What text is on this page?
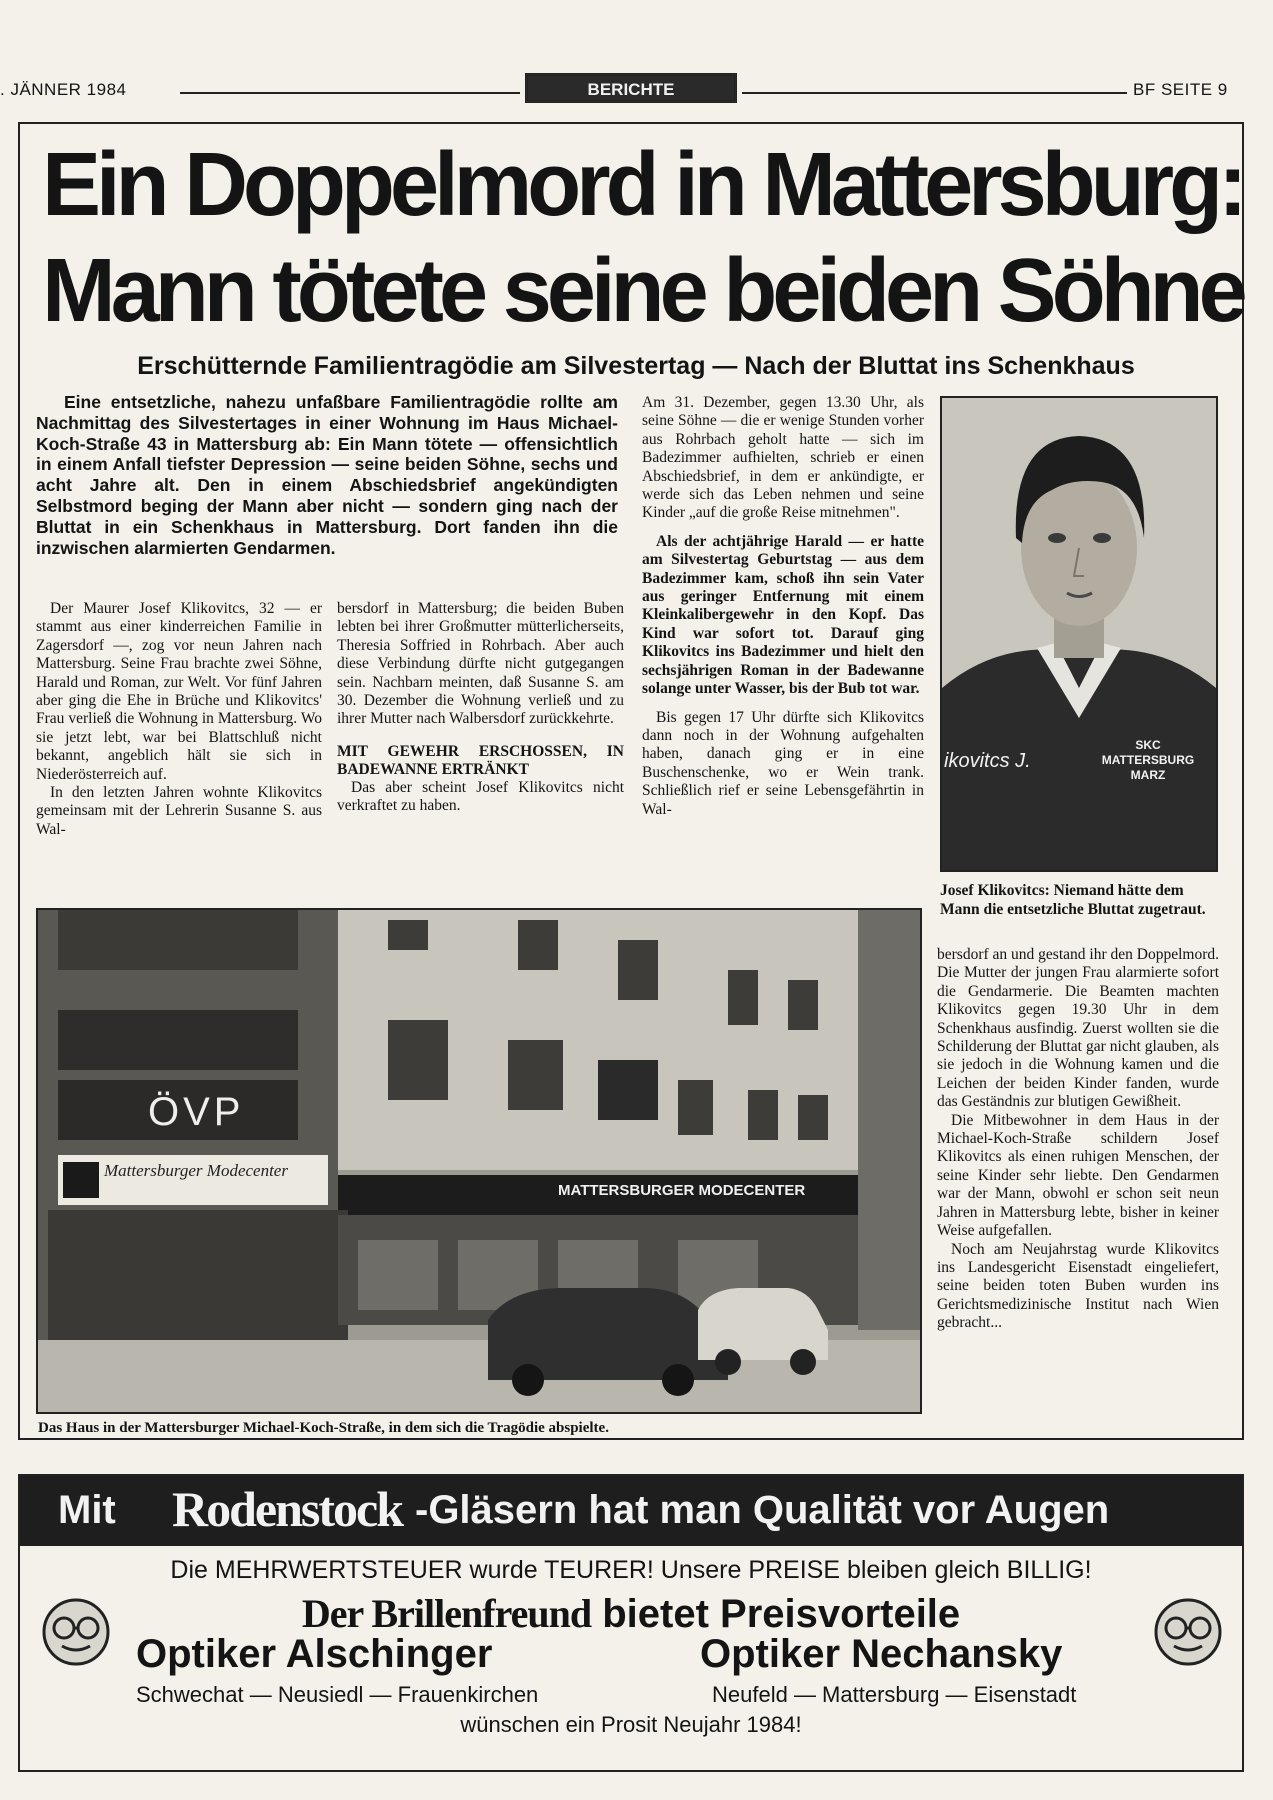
. JÄNNER 1984	BERICHTE	BF SEITE 9
Ein Doppelmord in Mattersburg:
Mann tötete seine beiden Söhne
Erschütternde Familientragödie am Silvestertag — Nach der Bluttat ins Schenkhaus

Eine entsetzliche, nahezu unfaßbare Familientragödie rollte am Nachmittag des Silvestertages in einer Wohnung im Haus Michael-Koch-Straße 43 in Mattersburg ab: Ein Mann tötete — offensichtlich in einem Anfall tiefster Depression — seine beiden Söhne, sechs und acht Jahre alt. Den in einem Abschiedsbrief angekündigten Selbstmord beging der Mann aber nicht — sondern ging nach der Bluttat in ein Schenkhaus in Mattersburg. Dort fanden ihn die inzwischen alarmierten Gendarmen.

Der Maurer Josef Klikovitcs, 32 — er stammt aus einer kinderreichen Familie in Zagersdorf —, zog vor neun Jahren nach Mattersburg. Seine Frau brachte zwei Söhne, Harald und Roman, zur Welt. Vor fünf Jahren aber ging die Ehe in Brüche und Klikovitcs' Frau verließ die Wohnung in Mattersburg. Wo sie jetzt lebt, war bei Blattschluß nicht bekannt, angeblich hält sie sich in Niederösterreich auf.

In den letzten Jahren wohnte Klikovitcs gemeinsam mit der Lehrerin Susanne S. aus Wal-

bersdorf in Mattersburg; die beiden Buben lebten bei ihrer Großmutter mütterlicherseits, Theresia Soffried in Rohrbach. Aber auch diese Verbindung dürfte nicht gutgegangen sein. Nachbarn meinten, daß Susanne S. am 30. Dezember die Wohnung verließ und zu ihrer Mutter nach Walbersdorf zurückkehrte.

MIT GEWEHR ERSCHOSSEN, IN BADEWANNE ERTRÄNKT

Das aber scheint Josef Klikovitcs nicht verkraftet zu haben.

Am 31. Dezember, gegen 13.30 Uhr, als seine Söhne — die er wenige Stunden vorher aus Rohrbach geholt hatte — sich im Badezimmer aufhielten, schrieb er einen Abschiedsbrief, in dem er ankündigte, er werde sich das Leben nehmen und seine Kinder „auf die große Reise mitnehmen".

Als der achtjährige Harald — er hatte am Silvestertag Geburtstag — aus dem Badezimmer kam, schoß ihn sein Vater aus geringer Entfernung mit einem Kleinkalibergewehr in den Kopf. Das Kind war sofort tot. Darauf ging Klikovitcs ins Badezimmer und hielt den sechsjährigen Roman in der Badewanne solange unter Wasser, bis der Bub tot war.

Bis gegen 17 Uhr dürfte sich Klikovitcs dann noch in der Wohnung aufgehalten haben, danach ging er in eine Buschenschenke, wo er Wein trank. Schließlich rief er seine Lebensgefährtin in Wal-

ikovitcs J.
SKC
MATTERSBURG
MARZ
Josef Klikovitcs: Niemand hätte dem Mann die entsetzliche Bluttat zugetraut.

bersdorf an und gestand ihr den Doppelmord. Die Mutter der jungen Frau alarmierte sofort die Gendarmerie. Die Beamten machten Klikovitcs gegen 19.30 Uhr in dem Schenkhaus ausfindig. Zuerst wollten sie die Schilderung der Bluttat gar nicht glauben, als sie jedoch in die Wohnung kamen und die Leichen der beiden Kinder fanden, wurde das Geständnis zur blutigen Gewißheit.

Die Mitbewohner in dem Haus in der Michael-Koch-Straße schildern Josef Klikovitcs als einen ruhigen Menschen, der seine Kinder sehr liebte. Den Gendarmen war der Mann, obwohl er schon seit neun Jahren in Mattersburg lebte, bisher in keiner Weise aufgefallen.

Noch am Neujahrstag wurde Klikovitcs ins Landesgericht Eisenstadt eingeliefert, seine beiden toten Buben wurden ins Gerichtsmedizinische Institut nach Wien gebracht...

ÖVP
Mattersburger Modecenter
MATTERSBURGER MODECENTER
Das Haus in der Mattersburger Michael-Koch-Straße, in dem sich die Tragödie abspielte.
Mit Rodenstock -Gläsern hat man Qualität vor Augen
Die MEHRWERTSTEUER wurde TEURER! Unsere PREISE bleiben gleich BILLIG!
Der Brillenfreund bietet Preisvorteile
Optiker Alschinger	Optiker Nechansky
Schwechat — Neusiedl — Frauenkirchen	Neufeld — Mattersburg — Eisenstadt
wünschen ein Prosit Neujahr 1984!
